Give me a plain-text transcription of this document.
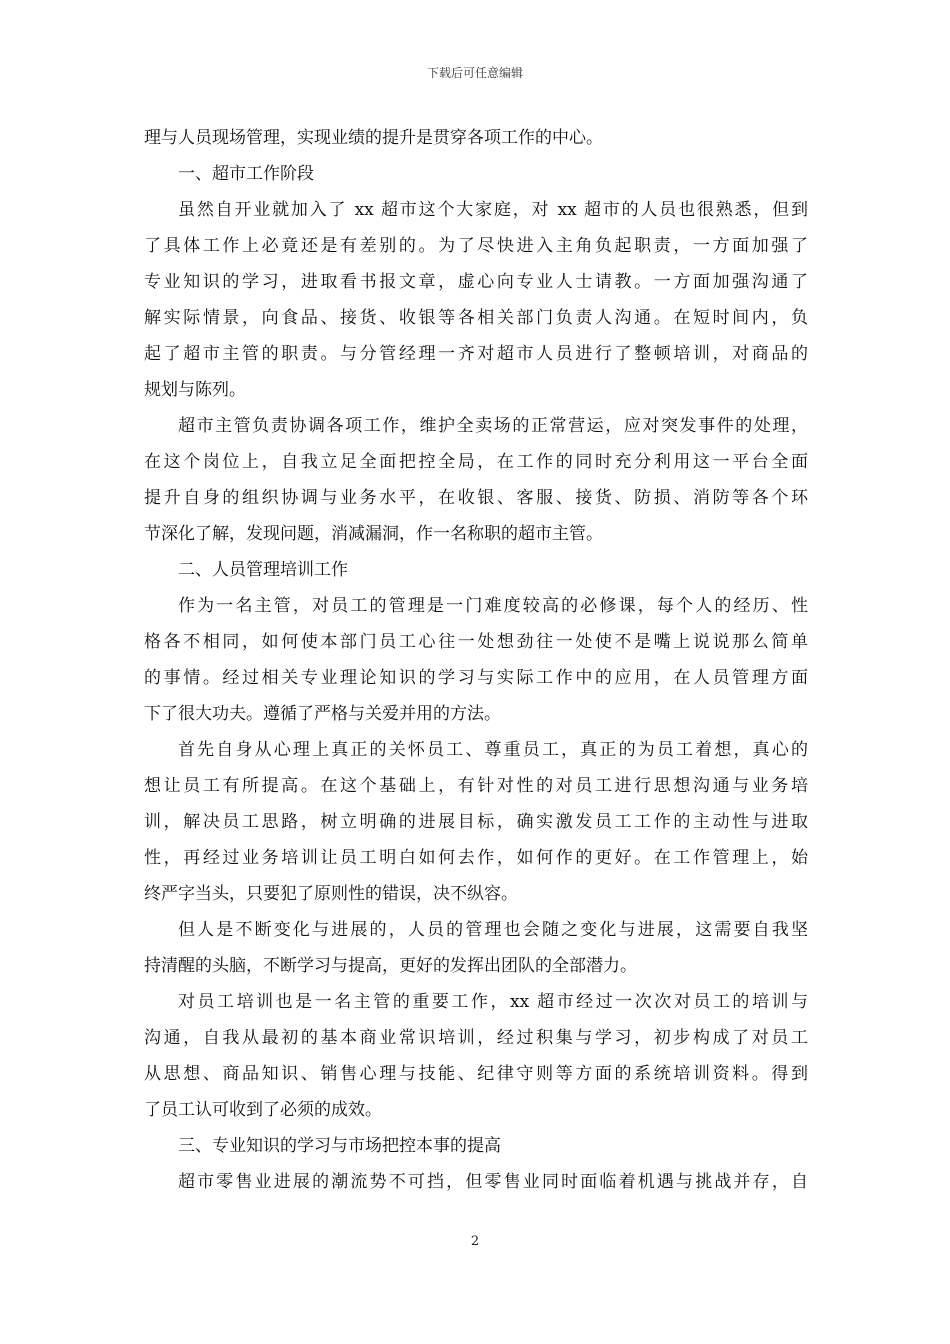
下载后可任意编辑
理与人员现场管理，实现业绩的提升是贯穿各项工作的中心。
一、超市工作阶段
虽然自开业就加入了 xx 超市这个大家庭，对 xx 超市的人员也很熟悉，但到
了具体工作上必竟还是有差别的。为了尽快进入主角负起职责，一方面加强了
专业知识的学习，进取看书报文章，虚心向专业人士请教。一方面加强沟通了
解实际情景，向食品、接货、收银等各相关部门负责人沟通。在短时间内，负
起了超市主管的职责。与分管经理一齐对超市人员进行了整顿培训，对商品的
规划与陈列。
超市主管负责协调各项工作，维护全卖场的正常营运，应对突发事件的处理，
在这个岗位上，自我立足全面把控全局，在工作的同时充分利用这一平台全面
提升自身的组织协调与业务水平，在收银、客服、接货、防损、消防等各个环
节深化了解，发现问题，消减漏洞，作一名称职的超市主管。
二、人员管理培训工作
作为一名主管，对员工的管理是一门难度较高的必修课，每个人的经历、性
格各不相同，如何使本部门员工心往一处想劲往一处使不是嘴上说说那么简单
的事情。经过相关专业理论知识的学习与实际工作中的应用，在人员管理方面
下了很大功夫。遵循了严格与关爱并用的方法。
首先自身从心理上真正的关怀员工、尊重员工，真正的为员工着想，真心的
想让员工有所提高。在这个基础上，有针对性的对员工进行思想沟通与业务培
训，解决员工思路，树立明确的进展目标，确实激发员工工作的主动性与进取
性，再经过业务培训让员工明白如何去作，如何作的更好。在工作管理上，始
终严字当头，只要犯了原则性的错误，决不纵容。
但人是不断变化与进展的，人员的管理也会随之变化与进展，这需要自我坚
持清醒的头脑，不断学习与提高，更好的发挥出团队的全部潜力。
对员工培训也是一名主管的重要工作，xx 超市经过一次次对员工的培训与
沟通，自我从最初的基本商业常识培训，经过积集与学习，初步构成了对员工
从思想、商品知识、销售心理与技能、纪律守则等方面的系统培训资料。得到
了员工认可收到了必须的成效。
三、专业知识的学习与市场把控本事的提高
超市零售业进展的潮流势不可挡，但零售业同时面临着机遇与挑战并存，自
2
